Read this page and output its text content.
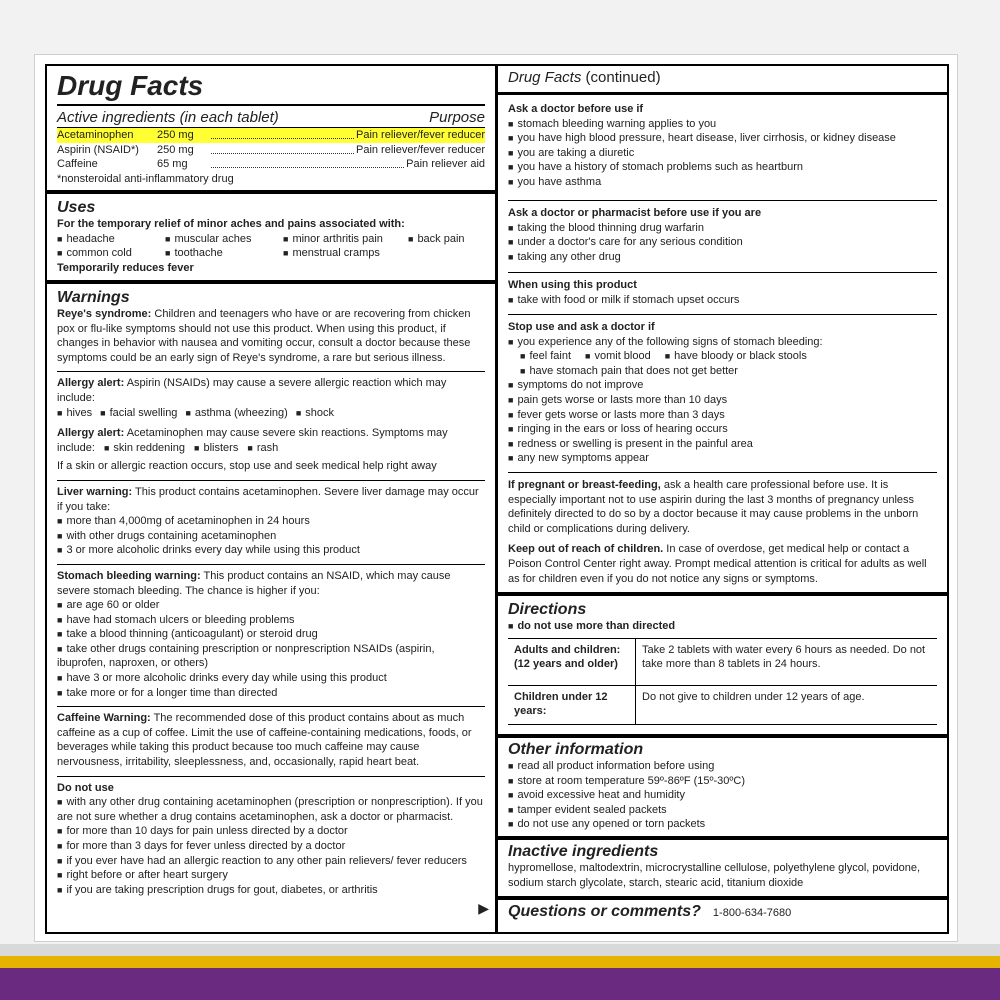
Drug Facts
Active ingredients (in each tablet)	Purpose
Acetaminophen	250 mg	Pain reliever/fever reducer
Aspirin (NSAID*)	250 mg	Pain reliever/fever reducer
Caffeine	65 mg	Pain reliever aid
*nonsteroidal anti-inflammatory drug
Uses
For the temporary relief of minor aches and pains associated with:
■ headache	■ muscular aches	■ minor arthritis pain	■ back pain
■ common cold	■ toothache	■ menstrual cramps
Temporarily reduces fever
Warnings
Reye's syndrome: Children and teenagers who have or are recovering from chicken pox or flu-like symptoms should not use this product. When using this product, if changes in behavior with nausea and vomiting occur, consult a doctor because these symptoms could be an early sign of Reye's syndrome, a rare but serious illness.
Allergy alert: Aspirin (NSAIDs) may cause a severe allergic reaction which may include:
■ hives	■ facial swelling	■ asthma (wheezing)	■ shock
Allergy alert: Acetaminophen may cause severe skin reactions. Symptoms may include: ■ skin reddening ■ blisters ■ rash
If a skin or allergic reaction occurs, stop use and seek medical help right away
Liver warning: This product contains acetaminophen. Severe liver damage may occur if you take:
■ more than 4,000mg of acetaminophen in 24 hours
■ with other drugs containing acetaminophen
■ 3 or more alcoholic drinks every day while using this product
Stomach bleeding warning: This product contains an NSAID, which may cause severe stomach bleeding. The chance is higher if you:
■ are age 60 or older
■ have had stomach ulcers or bleeding problems
■ take a blood thinning (anticoagulant) or steroid drug
■ take other drugs containing prescription or nonprescription NSAIDs (aspirin, ibuprofen, naproxen, or others)
■ have 3 or more alcoholic drinks every day while using this product
■ take more or for a longer time than directed
Caffeine Warning: The recommended dose of this product contains about as much caffeine as a cup of coffee. Limit the use of caffeine-containing medications, foods, or beverages while taking this product because too much caffeine may cause nervousness, irritability, sleeplessness, and, occasionally, rapid heart beat.
Do not use
■ with any other drug containing acetaminophen (prescription or nonprescription). If you are not sure whether a drug contains acetaminophen, ask a doctor or pharmacist.
■ for more than 10 days for pain unless directed by a doctor
■ for more than 3 days for fever unless directed by a doctor
■ if you ever have had an allergic reaction to any other pain relievers/ fever reducers
■ right before or after heart surgery
■ if you are taking prescription drugs for gout, diabetes, or arthritis
▶
Drug Facts (continued)
Ask a doctor before use if
■ stomach bleeding warning applies to you
■ you have high blood pressure, heart disease, liver cirrhosis, or kidney disease
■ you are taking a diuretic
■ you have a history of stomach problems such as heartburn
■ you have asthma
Ask a doctor or pharmacist before use if you are
■ taking the blood thinning drug warfarin
■ under a doctor's care for any serious condition
■ taking any other drug
When using this product
■ take with food or milk if stomach upset occurs
Stop use and ask a doctor if
■ you experience any of the following signs of stomach bleeding:
■ feel faint	■ vomit blood	■ have bloody or black stools
■ have stomach pain that does not get better
■ symptoms do not improve
■ pain gets worse or lasts more than 10 days
■ fever gets worse or lasts more than 3 days
■ ringing in the ears or loss of hearing occurs
■ redness or swelling is present in the painful area
■ any new symptoms appear
If pregnant or breast-feeding, ask a health care professional before use. It is especially important not to use aspirin during the last 3 months of pregnancy unless definitely directed to do so by a doctor because it may cause problems in the unborn child or complications during delivery.
Keep out of reach of children. In case of overdose, get medical help or contact a Poison Control Center right away. Prompt medical attention is critical for adults as well as for children even if you do not notice any signs or symptoms.
Directions
■ do not use more than directed
Adults and children: (12 years and older)	Take 2 tablets with water every 6 hours as needed. Do not take more than 8 tablets in 24 hours.
Children under 12 years:	Do not give to children under 12 years of age.
Other information
■ read all product information before using
■ store at room temperature 59º-86ºF (15º-30ºC)
■ avoid excessive heat and humidity
■ tamper evident sealed packets
■ do not use any opened or torn packets
Inactive ingredients
hypromellose, maltodextrin, microcrystalline cellulose, polyethylene glycol, povidone, sodium starch glycolate, starch, stearic acid, titanium dioxide
Questions or comments? 1-800-634-7680
